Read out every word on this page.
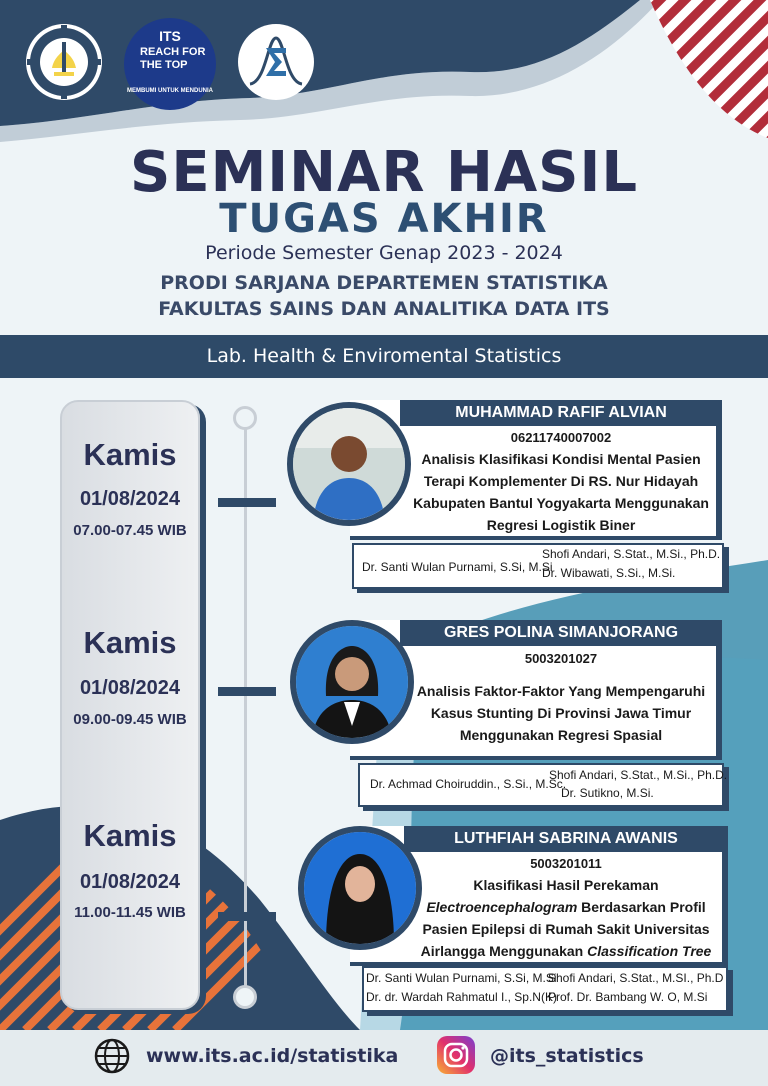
ITS
REACH FOR
THE TOP
MEMBUMI UNTUK MENDUNIA
SEMINAR HASIL
TUGAS AKHIR
Periode Semester Genap 2023 - 2024
PRODI SARJANA DEPARTEMEN STATISTIKA
FAKULTAS SAINS DAN ANALITIKA DATA ITS
Lab. Health & Enviromental Statistics
Kamis
01/08/2024
07.00-07.45 WIB
Kamis
01/08/2024
09.00-09.45 WIB
Kamis
01/08/2024
11.00-11.45 WIB
MUHAMMAD RAFIF ALVIAN
06211740007002
Analisis Klasifikasi Kondisi Mental Pasien
Terapi Komplementer Di RS. Nur Hidayah
Kabupaten Bantul Yogyakarta Menggunakan
Regresi Logistik Biner
Dr. Santi Wulan Purnami, S.Si, M.Si
Shofi Andari, S.Stat., M.Si., Ph.D.
Dr. Wibawati, S.Si., M.Si.
GRES POLINA SIMANJORANG
5003201027
Analisis Faktor-Faktor Yang Mempengaruhi
Kasus Stunting Di Provinsi Jawa Timur
Menggunakan Regresi Spasial
Dr. Achmad Choiruddin., S.Si., M.Sc.
Shofi Andari, S.Stat., M.Si., Ph.D.
Dr. Sutikno, M.Si.
LUTHFIAH SABRINA AWANIS
5003201011
Klasifikasi Hasil Perekaman
Electroencephalogram Berdasarkan Profil
Pasien Epilepsi di Rumah Sakit Universitas
Airlangga Menggunakan Classification Tree
Dr. Santi Wulan Purnami, S.Si, M.Si
Dr. dr. Wardah Rahmatul I., Sp.N(K)
Shofi Andari, S.Stat., M.SI., Ph.D
Prof. Dr. Bambang W. O, M.Si
www.its.ac.id/statistika	@its_statistics
